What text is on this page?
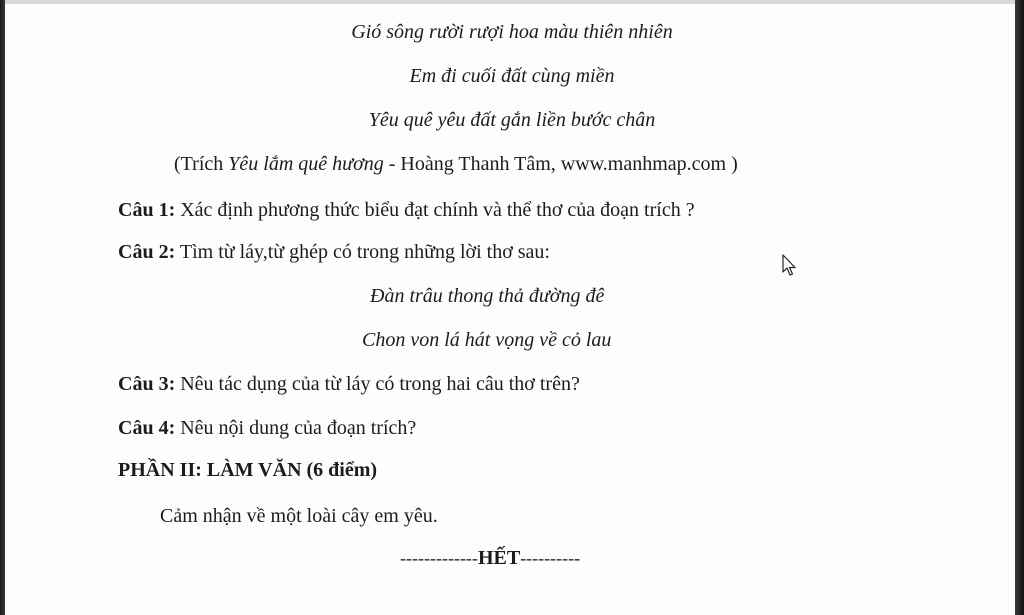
Gió sông rười rượi hoa màu thiên nhiên
Em đi cuối đất cùng miền
Yêu quê yêu đất gắn liền bước chân
(Trích Yêu lắm quê hương - Hoàng Thanh Tâm, www.manhmap.com )
Câu 1: Xác định phương thức biểu đạt chính và thể thơ của đoạn trích ?
Câu 2: Tìm từ láy,từ ghép có trong những lời thơ sau:
Đàn trâu thong thả đường đê
Chon von lá hát vọng về cỏ lau
Câu 3: Nêu tác dụng của từ láy có trong hai câu thơ trên?
Câu 4: Nêu nội dung của đoạn trích?
PHẦN II: LÀM VĂN (6 điểm)
Cảm nhận về một loài cây em yêu.
-------------HẾT----------
